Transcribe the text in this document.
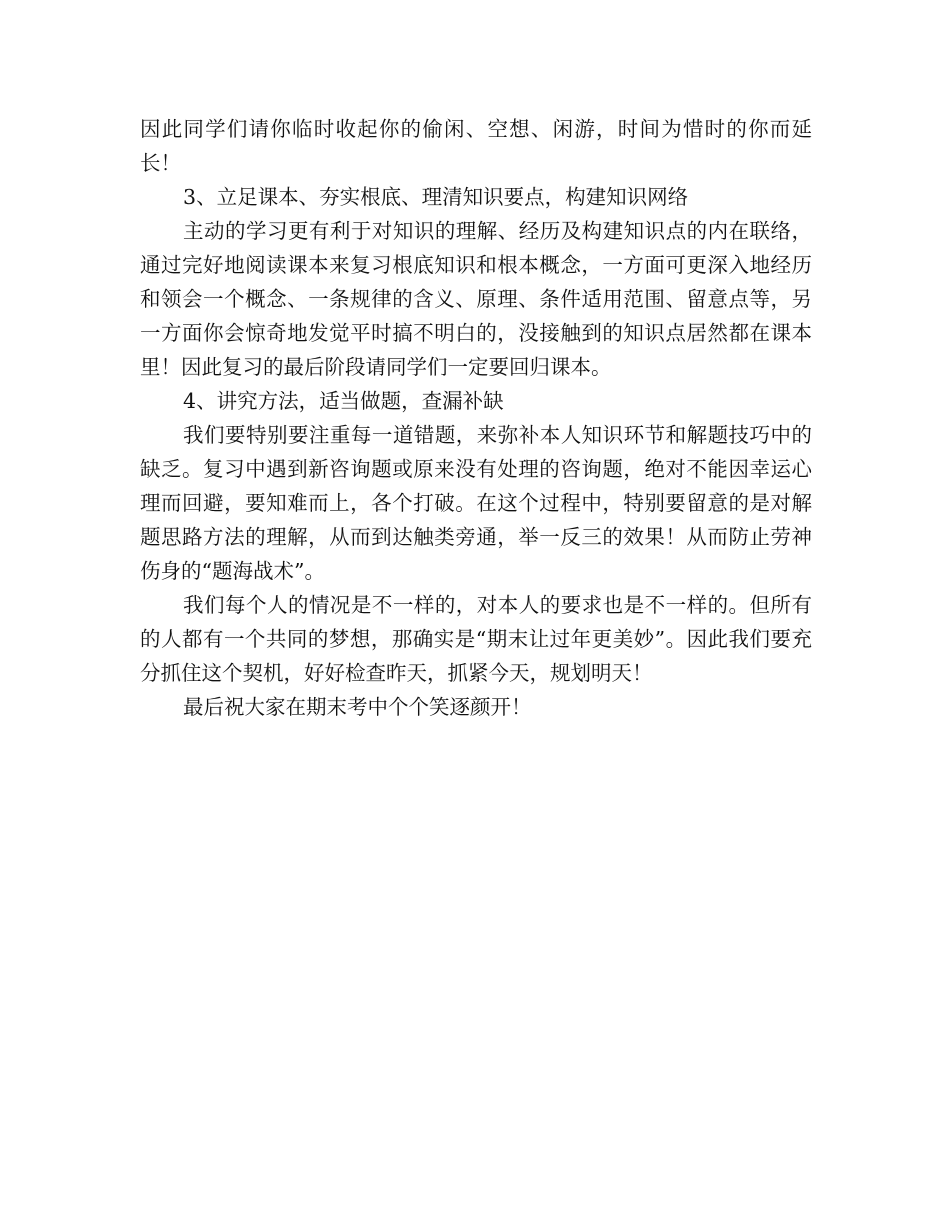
因此同学们请你临时收起你的偷闲、空想、闲游，时间为惜时的你而延长！

3、立足课本、夯实根底、理清知识要点，构建知识网络

主动的学习更有利于对知识的理解、经历及构建知识点的内在联络，通过完好地阅读课本来复习根底知识和根本概念，一方面可更深入地经历和领会一个概念、一条规律的含义、原理、条件适用范围、留意点等，另一方面你会惊奇地发觉平时搞不明白的，没接触到的知识点居然都在课本里！因此复习的最后阶段请同学们一定要回归课本。

4、讲究方法，适当做题，查漏补缺

我们要特别要注重每一道错题，来弥补本人知识环节和解题技巧中的缺乏。复习中遇到新咨询题或原来没有处理的咨询题，绝对不能因幸运心理而回避，要知难而上，各个打破。在这个过程中，特别要留意的是对解题思路方法的理解，从而到达触类旁通，举一反三的效果！从而防止劳神伤身的“题海战术”。

我们每个人的情况是不一样的，对本人的要求也是不一样的。但所有的人都有一个共同的梦想，那确实是“期末让过年更美妙”。因此我们要充分抓住这个契机，好好检查昨天，抓紧今天，规划明天！

最后祝大家在期末考中个个笑逐颜开！
